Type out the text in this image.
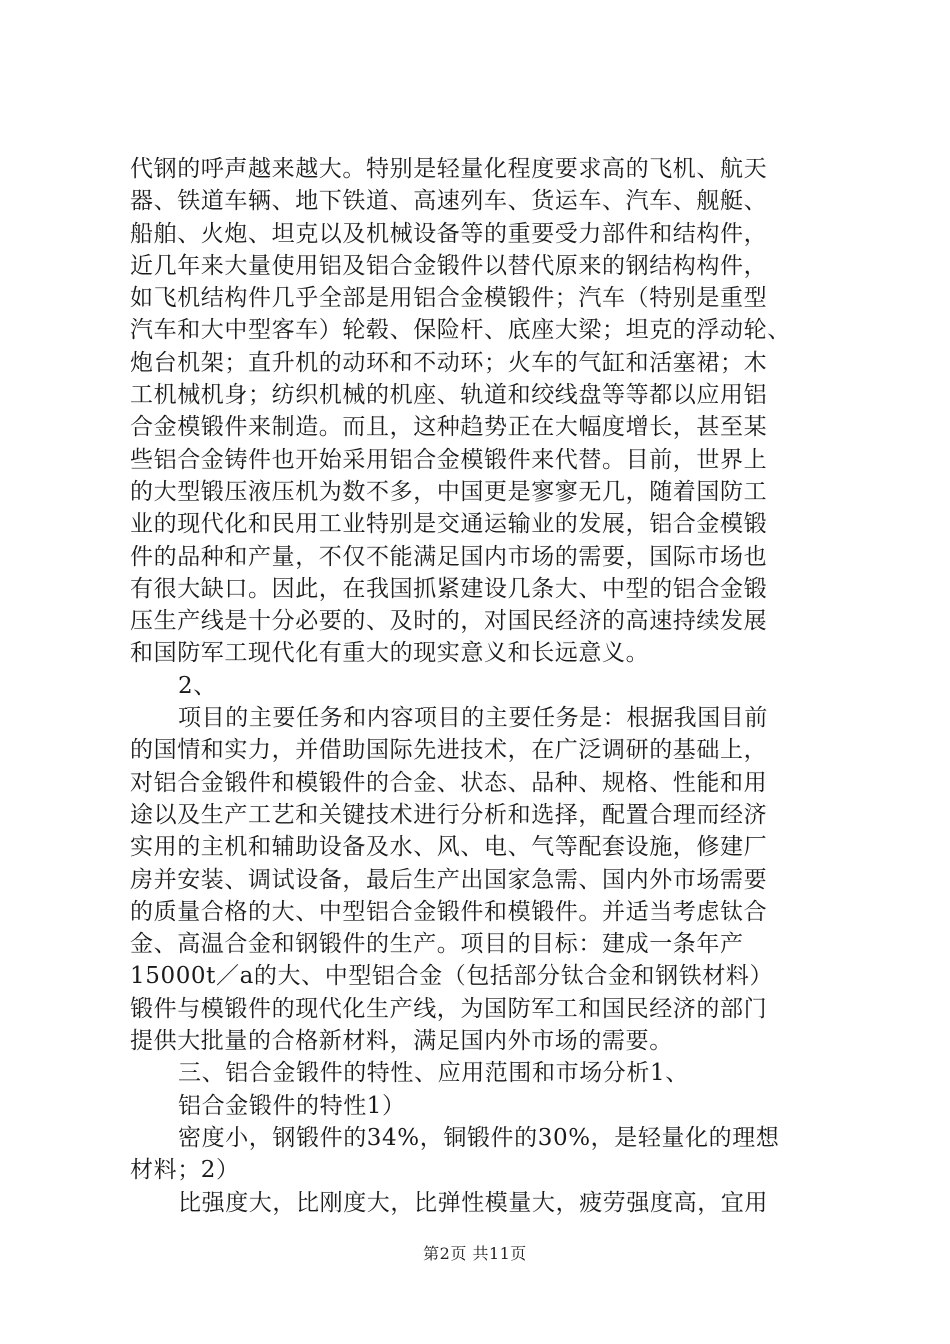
代钢的呼声越来越大。特别是轻量化程度要求高的飞机、航天
器、铁道车辆、地下铁道、高速列车、货运车、汽车、舰艇、
船舶、火炮、坦克以及机械设备等的重要受力部件和结构件，
近几年来大量使用铝及铝合金锻件以替代原来的钢结构构件，
如飞机结构件几乎全部是用铝合金模锻件；汽车（特别是重型
汽车和大中型客车）轮毂、保险杆、底座大梁；坦克的浮动轮、
炮台机架；直升机的动环和不动环；火车的气缸和活塞裙；木
工机械机身；纺织机械的机座、轨道和绞线盘等等都以应用铝
合金模锻件来制造。而且，这种趋势正在大幅度增长，甚至某
些铝合金铸件也开始采用铝合金模锻件来代替。目前，世界上
的大型锻压液压机为数不多，中国更是寥寥无几，随着国防工
业的现代化和民用工业特别是交通运输业的发展，铝合金模锻
件的品种和产量，不仅不能满足国内市场的需要，国际市场也
有很大缺口。因此，在我国抓紧建设几条大、中型的铝合金锻
压生产线是十分必要的、及时的，对国民经济的高速持续发展
和国防军工现代化有重大的现实意义和长远意义。
2、
项目的主要任务和内容项目的主要任务是：根据我国目前
的国情和实力，并借助国际先进技术，在广泛调研的基础上，
对铝合金锻件和模锻件的合金、状态、品种、规格、性能和用
途以及生产工艺和关键技术进行分析和选择，配置合理而经济
实用的主机和辅助设备及水、风、电、气等配套设施，修建厂
房并安装、调试设备，最后生产出国家急需、国内外市场需要
的质量合格的大、中型铝合金锻件和模锻件。并适当考虑钛合
金、高温合金和钢锻件的生产。项目的目标：建成一条年产
15000t／a的大、中型铝合金（包括部分钛合金和钢铁材料）
锻件与模锻件的现代化生产线，为国防军工和国民经济的部门
提供大批量的合格新材料，满足国内外市场的需要。
三、铝合金锻件的特性、应用范围和市场分析1、
铝合金锻件的特性1）
密度小，钢锻件的34%，铜锻件的30%，是轻量化的理想
材料；2）
比强度大，比刚度大，比弹性模量大，疲劳强度高，宜用
第2页 共11页
